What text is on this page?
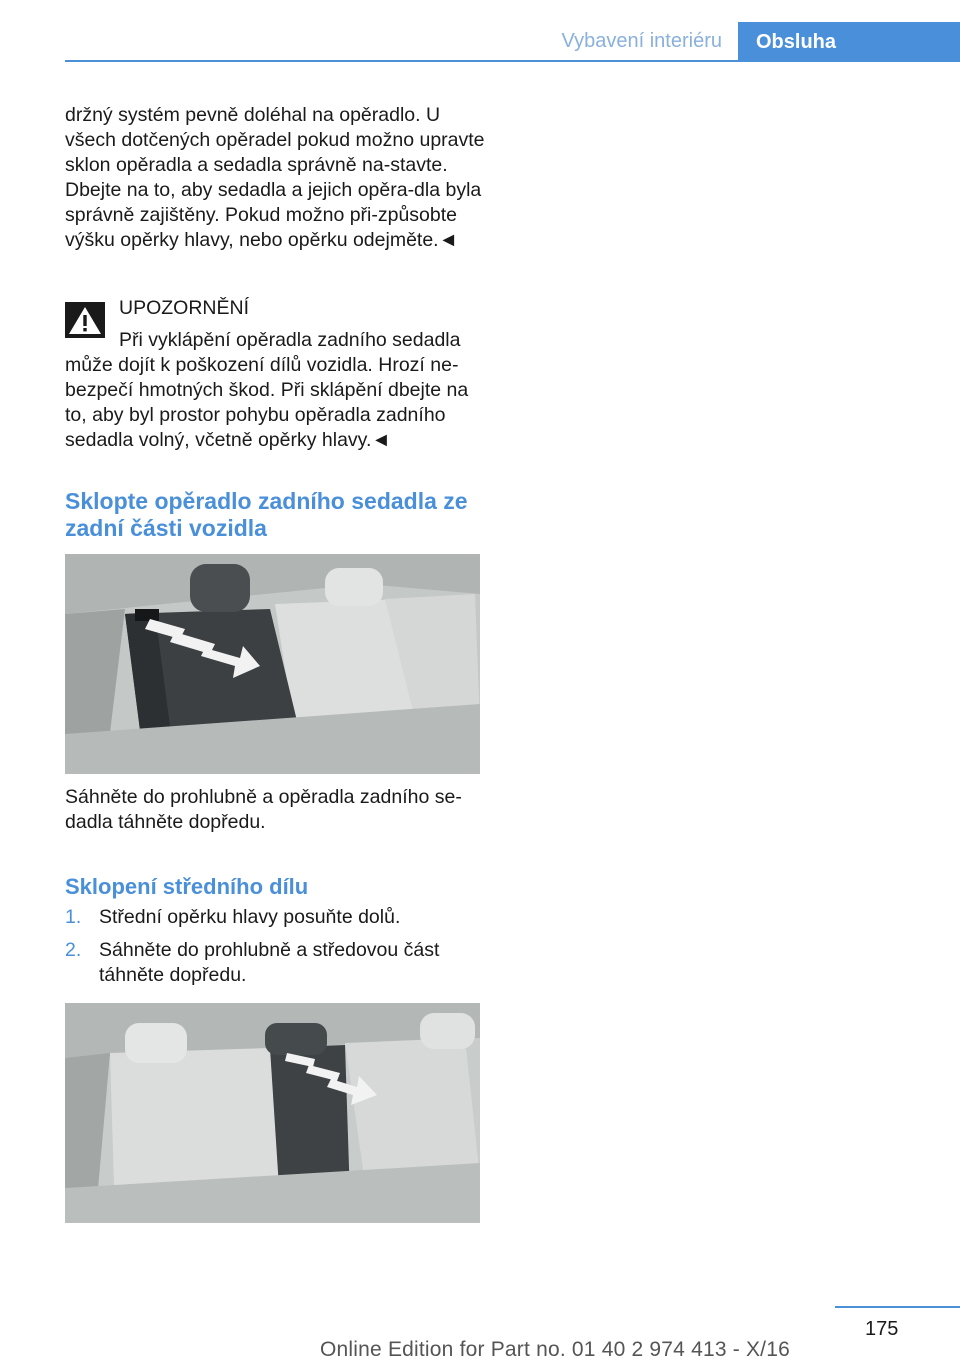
Vybavení interiéru	Obsluha

držný systém pevně doléhal na opěradlo. U všech dotčených opěradel pokud možno upravte sklon opěradla a sedadla správně na-stavte. Dbejte na to, aby sedadla a jejich opěra-dla byla správně zajištěny. Pokud možno při-způsobte výšku opěrky hlavy, nebo opěrku odejměte.◄

UPOZORNĚNÍ
Při vyklápění opěradla zadního sedadla může dojít k poškození dílů vozidla. Hrozí ne-bezpečí hmotných škod. Při sklápění dbejte na to, aby byl prostor pohybu opěradla zadního sedadla volný, včetně opěrky hlavy.◄
Sklopte opěradlo zadního sedadla ze zadní části vozidla

Sáhněte do prohlubně a opěradla zadního se-dadla táhněte dopředu.

Sklopení středního dílu
1. Střední opěrku hlavy posuňte dolů.
2. Sáhněte do prohlubně a středovou část táhněte dopředu.
175
Online Edition for Part no. 01 40 2 974 413 - X/16
